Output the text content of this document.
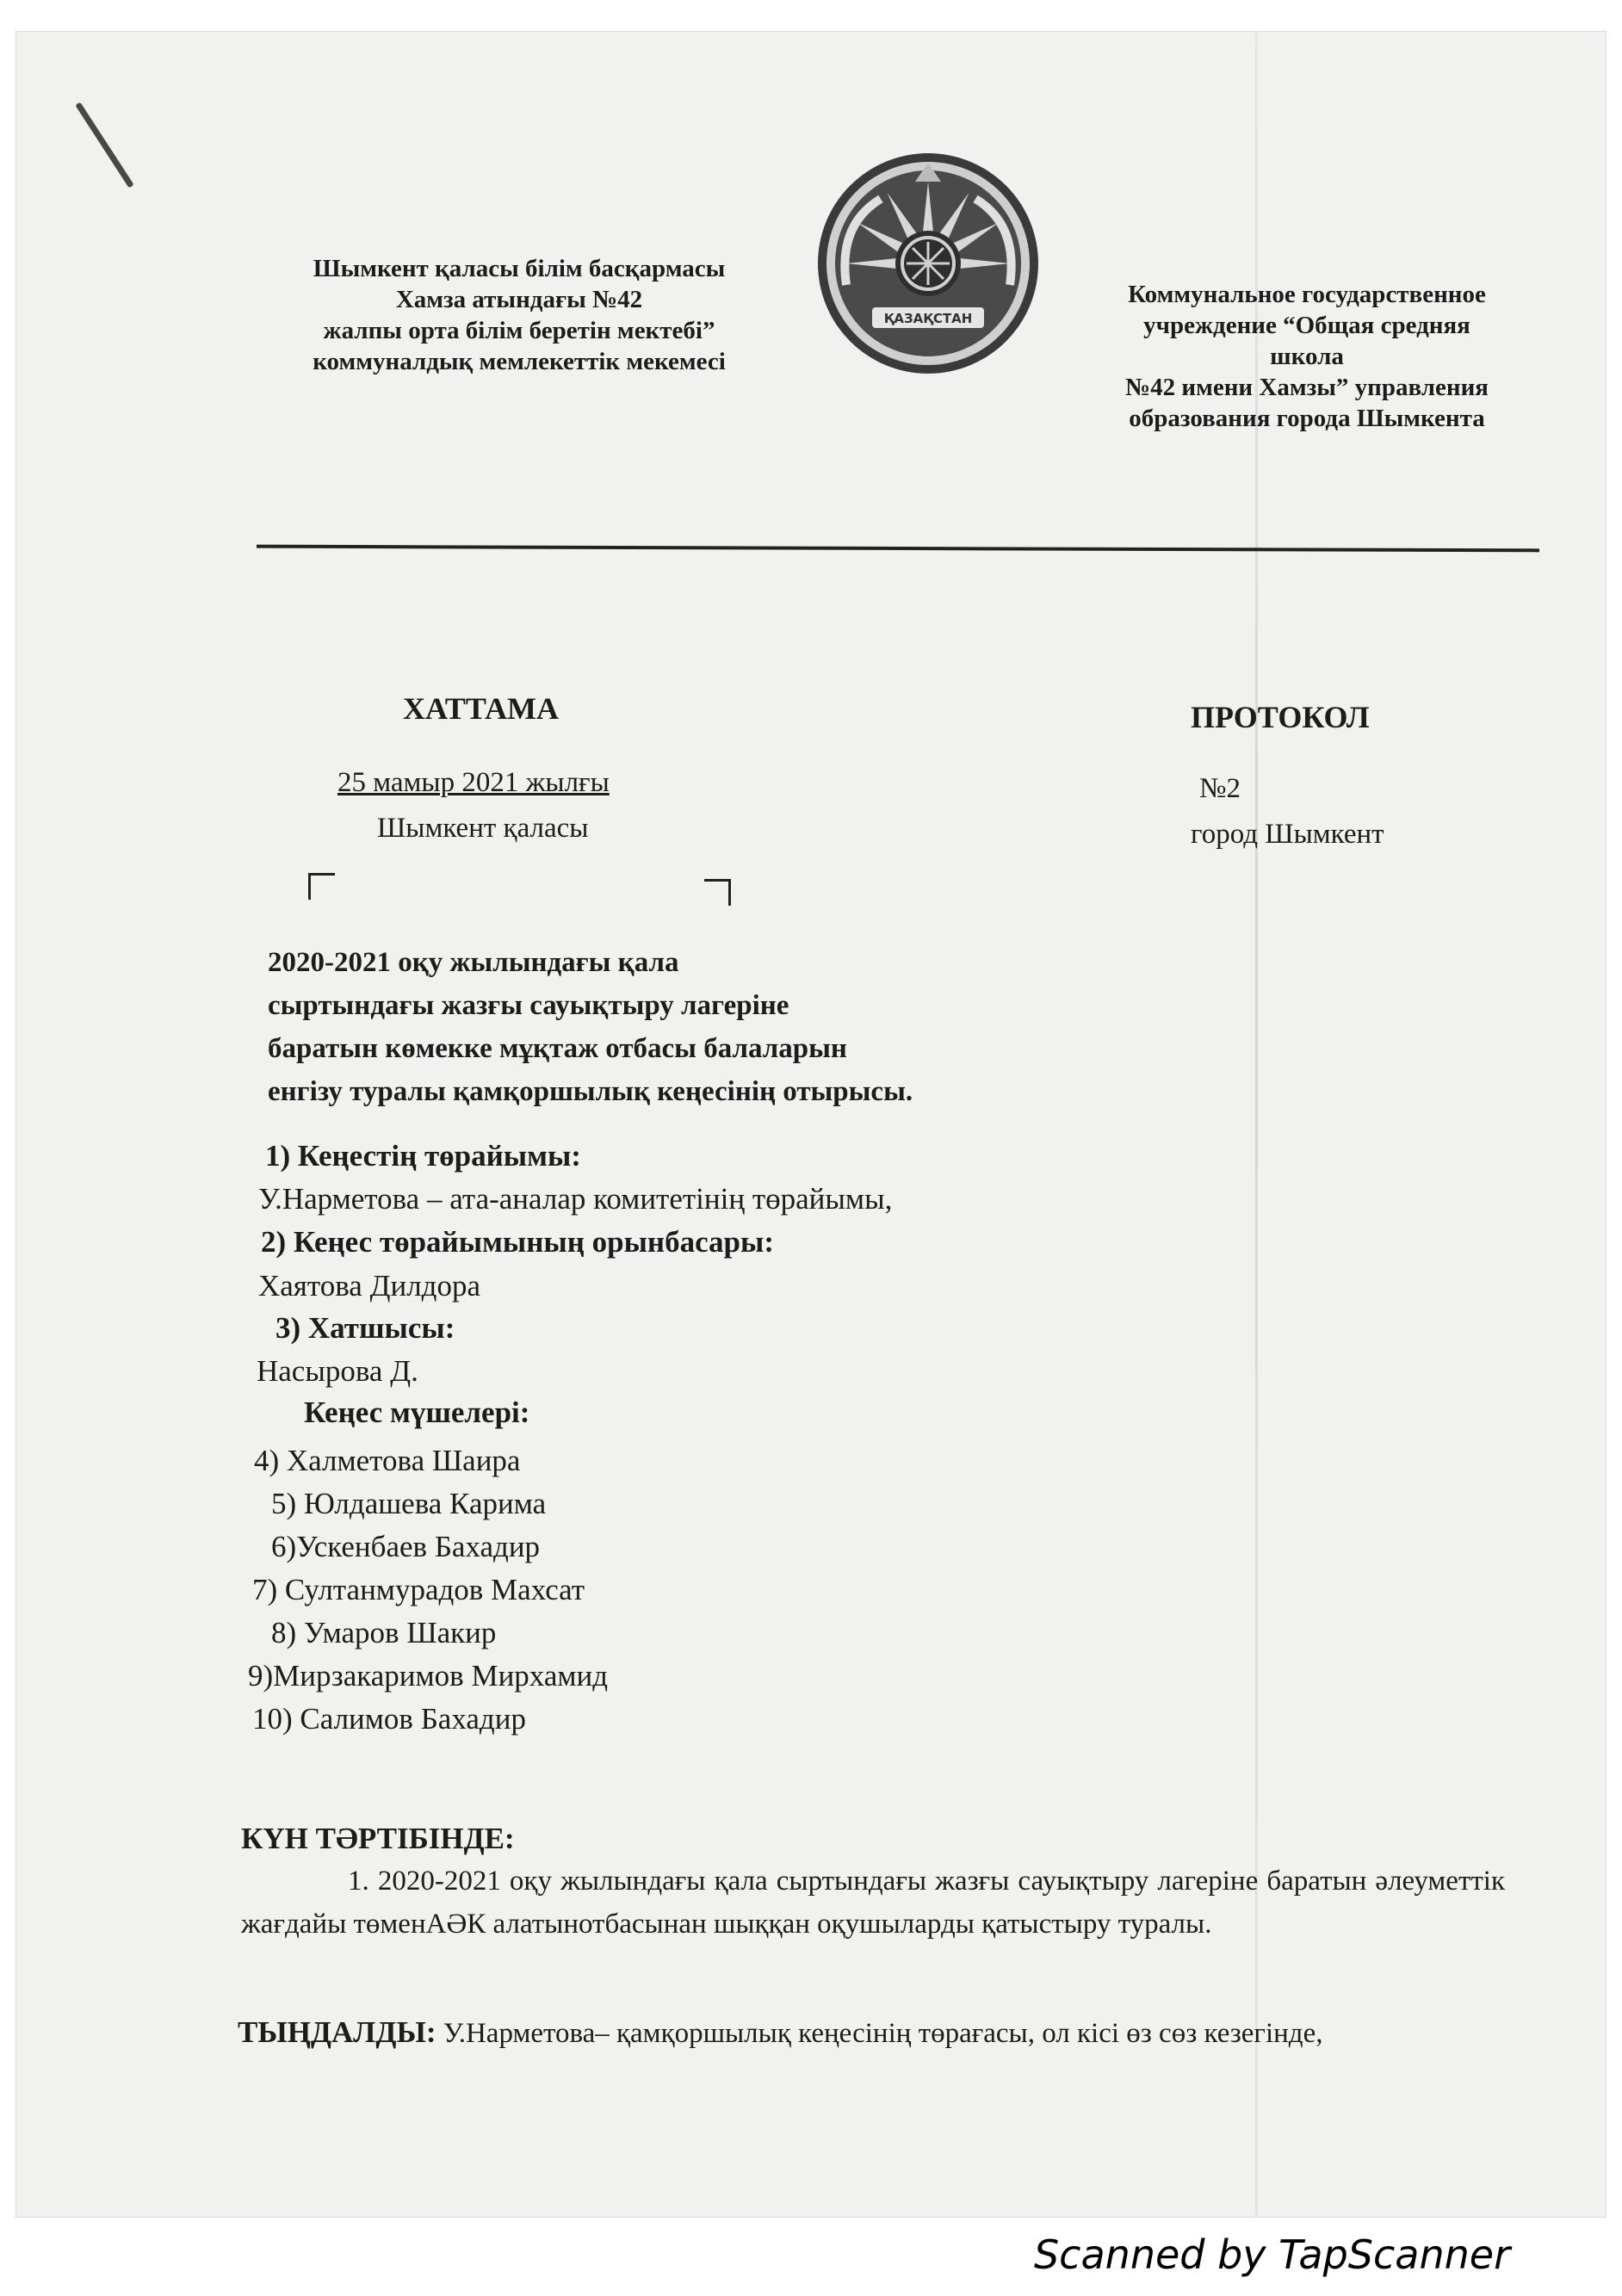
Шымкент қаласы білім басқармасы
Хамза атындағы №42
жалпы орта білім беретін мектебі”
коммуналдық мемлекеттік мекемесі
ҚАЗАҚСТАН
Коммунальное государственное
учреждение “Общая средняя
школа
№42 имени Хамзы” управления
образования города Шымкента
ХАТТАМА	ПРОТОКОЛ
25 мамыр 2021 жылғы	№2
Шымкент қаласы	город Шымкент
2020-2021 оқу жылындағы қала
сыртындағы жазғы сауықтыру лагеріне
баратын көмекке мұқтаж отбасы балаларын
енгізу туралы қамқоршылық кеңесінің отырысы.
1) Кеңестің төрайымы:
У.Нарметова – ата-аналар комитетінің төрайымы,
2) Кеңес төрайымының орынбасары:
Хаятова Дилдора
3) Хатшысы:
Насырова Д.
Кеңес мүшелері:
4) Халметова Шаира
5) Юлдашева Карима
6)Ускенбаев Бахадир
7) Султанмурадов Махсат
8) Умаров Шакир
9)Мирзакаримов Мирхамид
10) Салимов Бахадир
КҮН ТӘРТІБІНДЕ:
1. 2020-2021 оқу жылындағы қала сыртындағы жазғы сауықтыру лагеріне баратын әлеуметтік жағдайы төменАӘК алатынотбасынан шыққан оқушыларды қатыстыру туралы.
ТЫҢДАЛДЫ: У.Нарметова– қамқоршылық кеңесінің төрағасы, ол кісі өз сөз кезегінде,
Scanned by TapScanner
